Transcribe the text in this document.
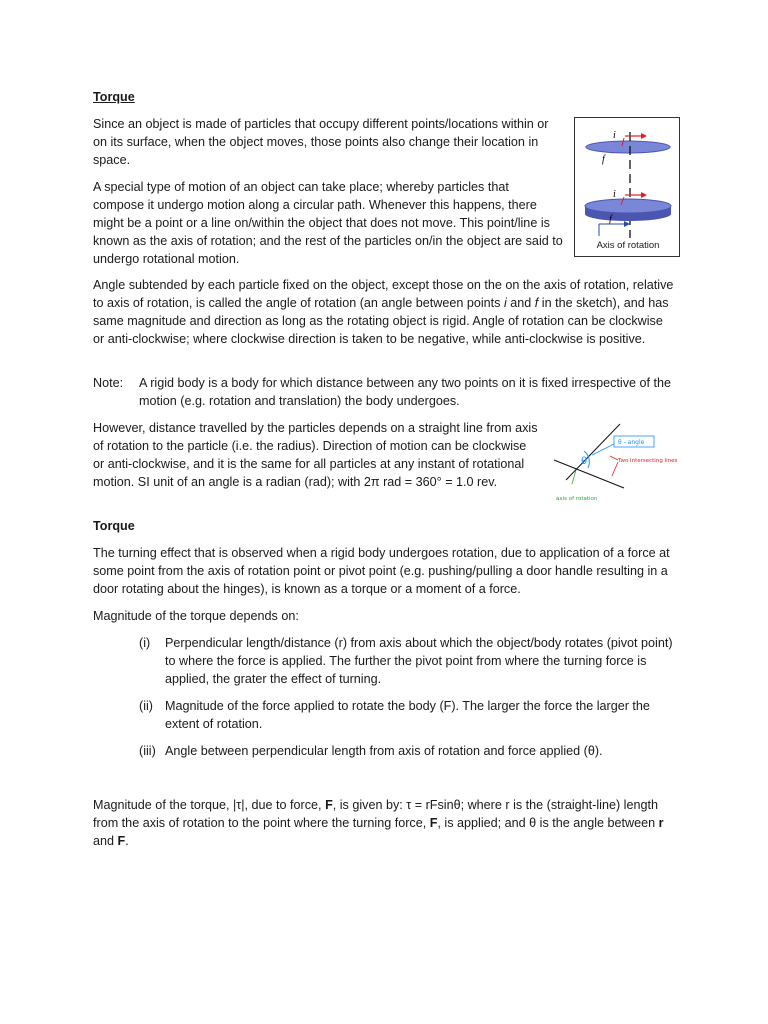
Torque

Since an object is made of particles that occupy different points/locations within or on its surface, when the object moves, those points also change their location in space.

A special type of motion of an object can take place; whereby particles that compose it undergo motion along a circular path. Whenever this happens, there might be a point or a line on/within the object that does not move. This point/line is known as the axis of rotation; and the rest of the particles on/in the object are said to undergo rotational motion.

i
f
i
f
Axis of rotation

Angle subtended by each particle fixed on the object, except those on the on the axis of rotation, relative to axis of rotation, is called the angle of rotation (an angle between points i and f in the sketch), and has same magnitude and direction as long as the rotating object is rigid. Angle of rotation can be clockwise or anti-clockwise; where clockwise direction is taken to be negative, while anti-clockwise is positive.

Note: A rigid body is a body for which distance between any two points on it is fixed irrespective of the motion (e.g. rotation and translation) the body undergoes.

However, distance travelled by the particles depends on a straight line from axis of rotation to the particle (i.e. the radius). Direction of motion can be clockwise or anti-clockwise, and it is the same for all particles at any instant of rotational motion. SI unit of an angle is a radian (rad); with 2π rad = 360° = 1.0 rev.

θ
θ - angle
Two intersecting lines
axis of rotation

Torque

The turning effect that is observed when a rigid body undergoes rotation, due to application of a force at some point from the axis of rotation point or pivot point (e.g. pushing/pulling a door handle resulting in a door rotating about the hinges), is known as a torque or a moment of a force.

Magnitude of the torque depends on:

(i) Perpendicular length/distance (r) from axis about which the object/body rotates (pivot point) to where the force is applied. The further the pivot point from where the turning force is applied, the grater the effect of turning.

(ii) Magnitude of the force applied to rotate the body (F). The larger the force the larger the extent of rotation.

(iii) Angle between perpendicular length from axis of rotation and force applied (θ).

Magnitude of the torque, |τ|, due to force, F, is given by: τ = rFsinθ; where r is the (straight-line) length from the axis of rotation to the point where the turning force, F, is applied; and θ is the angle between r and F.
